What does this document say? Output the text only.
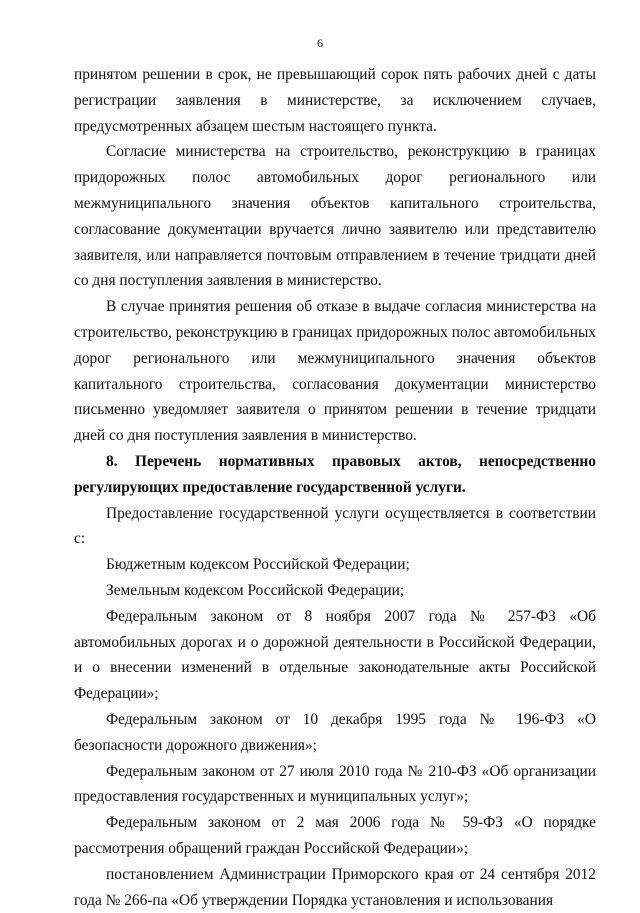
6

принятом решении в срок, не превышающий сорок пять рабочих дней с даты регистрации заявления в министерстве, за исключением случаев, предусмотренных абзацем шестым настоящего пункта.

Согласие министерства на строительство, реконструкцию в границах придорожных полос автомобильных дорог регионального или межмуниципального значения объектов капитального строительства, согласование документации вручается лично заявителю или представителю заявителя, или направляется почтовым отправлением в течение тридцати дней со дня поступления заявления в министерство.

В случае принятия решения об отказе в выдаче согласия министерства на строительство, реконструкцию в границах придорожных полос автомобильных дорог регионального или межмуниципального значения объектов капитального строительства, согласования документации министерство письменно уведомляет заявителя о принятом решении в течение тридцати дней со дня поступления заявления в министерство.

8. Перечень нормативных правовых актов, непосредственно регулирующих предоставление государственной услуги.

Предоставление государственной услуги осуществляется в соответствии с:

Бюджетным кодексом Российской Федерации;

Земельным кодексом Российской Федерации;

Федеральным законом от 8 ноября 2007 года № 257-ФЗ «Об автомобильных дорогах и о дорожной деятельности в Российской Федерации, и о внесении изменений в отдельные законодательные акты Российской Федерации»;

Федеральным законом от 10 декабря 1995 года № 196-ФЗ «О безопасности дорожного движения»;

Федеральным законом от 27 июля 2010 года № 210-ФЗ «Об организации предоставления государственных и муниципальных услуг»;

Федеральным законом от 2 мая 2006 года № 59-ФЗ «О порядке рассмотрения обращений граждан Российской Федерации»;

постановлением Администрации Приморского края от 24 сентября 2012 года № 266-па «Об утверждении Порядка установления и использования
